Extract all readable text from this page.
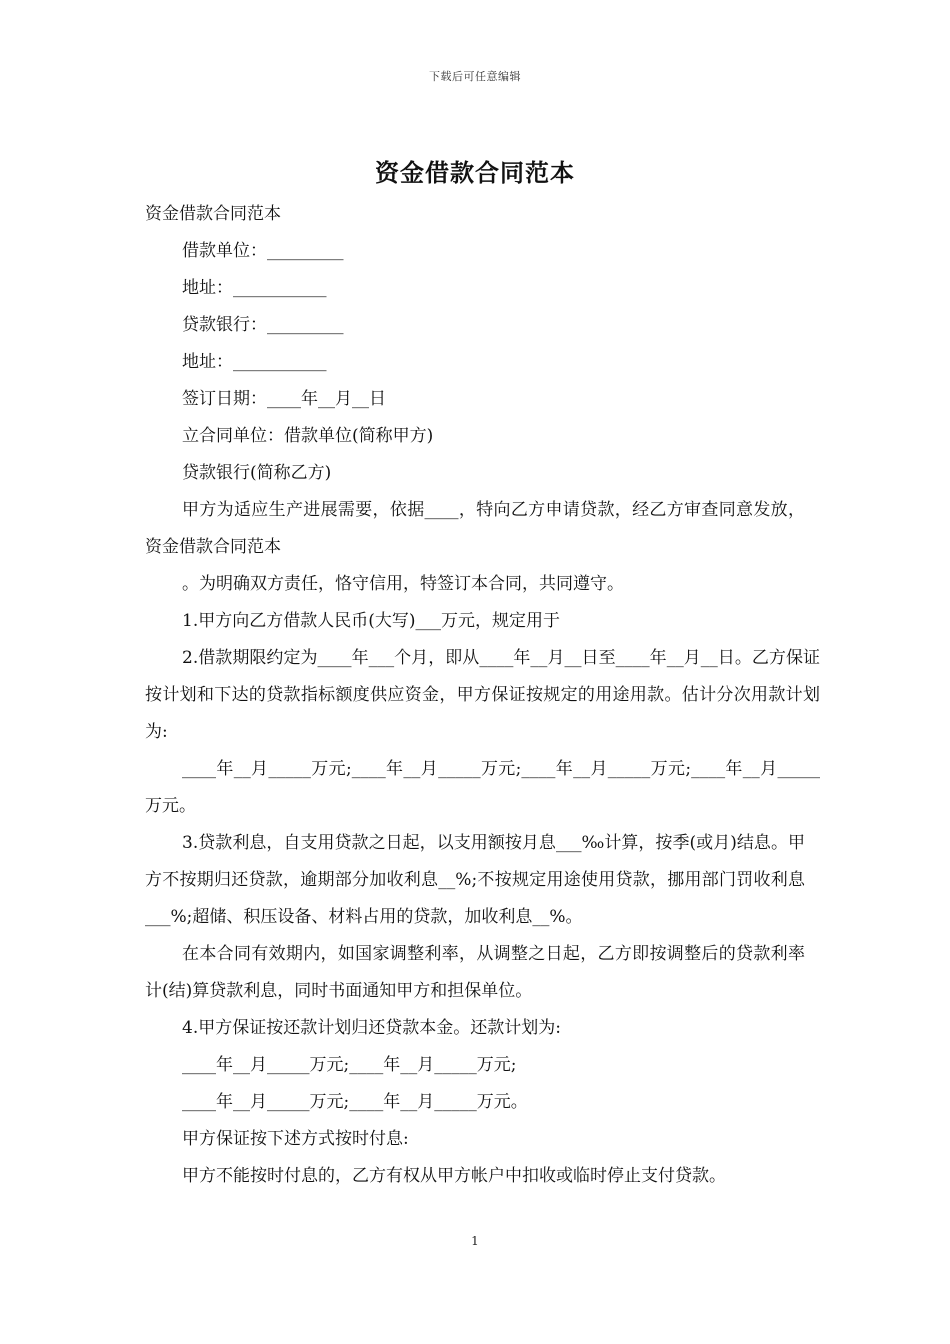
下载后可任意编辑
资金借款合同范本

资金借款合同范本

借款单位：_________

地址：___________

贷款银行：_________

地址：___________

签订日期：____年__月__日

立合同单位：借款单位(简称甲方)

贷款银行(简称乙方)

甲方为适应生产进展需要，依据____，特向乙方申请贷款，经乙方审查同意发放，资金借款合同范本

。为明确双方责任，恪守信用，特签订本合同，共同遵守。

1.甲方向乙方借款人民币(大写)___万元，规定用于

2.借款期限约定为____年___个月，即从____年__月__日至____年__月__日。乙方保证按计划和下达的贷款指标额度供应资金，甲方保证按规定的用途用款。估计分次用款计划为:

____年__月_____万元;____年__月_____万元;____年__月_____万元;____年__月_____万元。

3.贷款利息，自支用贷款之日起，以支用额按月息___‰计算，按季(或月)结息。甲方不按期归还贷款，逾期部分加收利息__%;不按规定用途使用贷款，挪用部门罚收利息___%;超储、积压设备、材料占用的贷款，加收利息__%。

在本合同有效期内，如国家调整利率，从调整之日起，乙方即按调整后的贷款利率计(结)算贷款利息，同时书面通知甲方和担保单位。

4.甲方保证按还款计划归还贷款本金。还款计划为:

____年__月_____万元;____年__月_____万元;

____年__月_____万元;____年__月_____万元。

甲方保证按下述方式按时付息:

甲方不能按时付息的，乙方有权从甲方帐户中扣收或临时停止支付贷款。

1
